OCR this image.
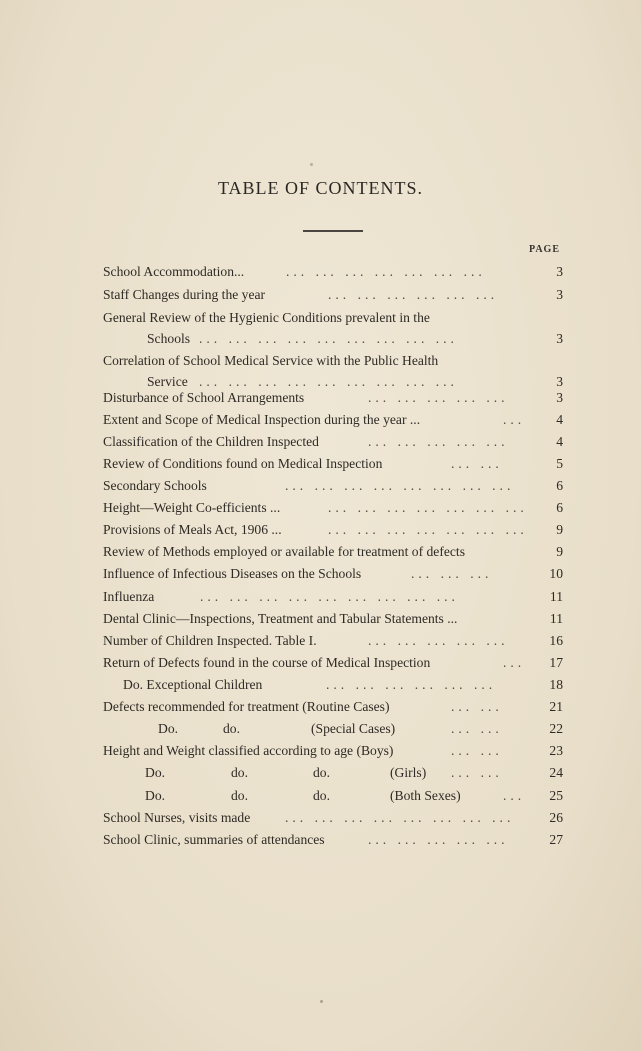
TABLE OF CONTENTS.
PAGE
School Accommodation...	... ... ... ... ... ... ...	3
Staff Changes during the year	... ... ... ... ... ...	3
General Review of the Hygienic Conditions prevalent in the
Schools ... ... ... ... ... ... ... ... ...	3
Correlation of School Medical Service with the Public Health
Service ... ... ... ... ... ... ... ... ...	3
Disturbance of School Arrangements	... ... ... ... ...	3
Extent and Scope of Medical Inspection during the year ...	...	4
Classification of the Children Inspected	... ... ... ... ...	4
Review of Conditions found on Medical Inspection	... ...	5
Secondary Schools	... ... ... ... ... ... ... ...	6
Height—Weight Co-efficients ...	... ... ... ... ... ... ...	6
Provisions of Meals Act, 1906 ...	... ... ... ... ... ... ...	9
Review of Methods employed or available for treatment of defects	9
Influence of Infectious Diseases on the Schools	... ... ...	10
Influenza	... ... ... ... ... ... ... ... ...	11
Dental Clinic—Inspections, Treatment and Tabular Statements ...	11
Number of Children Inspected. Table I.	... ... ... ... ...	16
Return of Defects found in the course of Medical Inspection	...	17
Do. Exceptional Children	... ... ... ... ... ...	18
Defects recommended for treatment (Routine Cases)	... ...	21
Do.	do.	(Special Cases)	... ...	22
Height and Weight classified according to age (Boys)	... ...	23
Do.	do.	do.	(Girls) ... ...	24
Do.	do.	do.	(Both Sexes)	...	25
School Nurses, visits made	... ... ... ... ... ... ... ...	26
School Clinic, summaries of attendances	... ... ... ... ...	27
